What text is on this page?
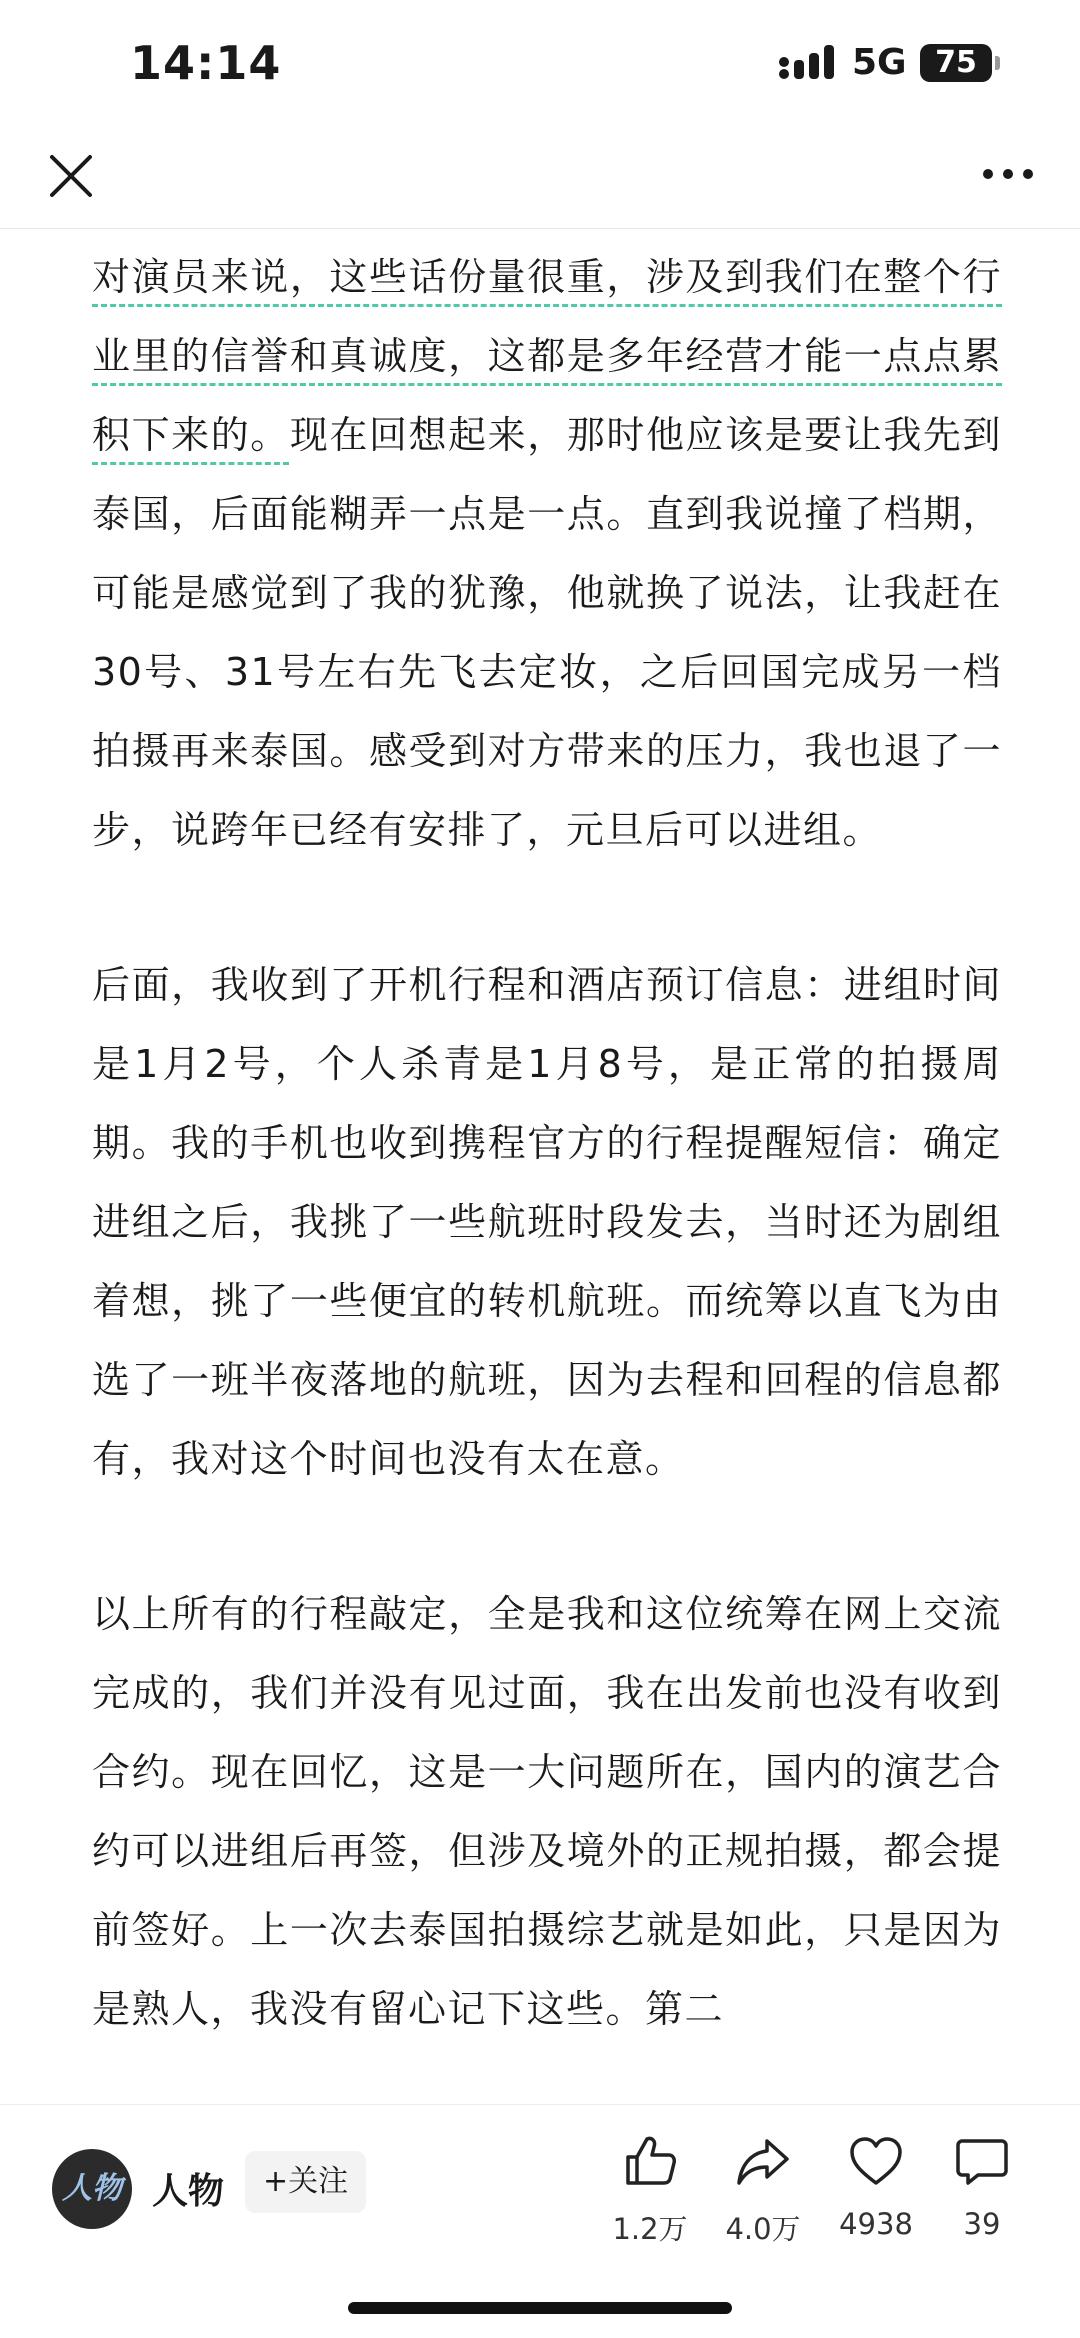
14:14	5G 75

对演员来说，这些话份量很重，涉及到我们在整个行业里的信誉和真诚度，这都是多年经营才能一点点累积下来的。现在回想起来，那时他应该是要让我先到泰国，后面能糊弄一点是一点。直到我说撞了档期，可能是感觉到了我的犹豫，他就换了说法，让我赶在30号、31号左右先飞去定妆，之后回国完成另一档拍摄再来泰国。感受到对方带来的压力，我也退了一步，说跨年已经有安排了，元旦后可以进组。

后面，我收到了开机行程和酒店预订信息：进组时间是1月2号，个人杀青是1月8号，是正常的拍摄周期。我的手机也收到携程官方的行程提醒短信：确定进组之后，我挑了一些航班时段发去，当时还为剧组着想，挑了一些便宜的转机航班。而统筹以直飞为由选了一班半夜落地的航班，因为去程和回程的信息都有，我对这个时间也没有太在意。

以上所有的行程敲定，全是我和这位统筹在网上交流完成的，我们并没有见过面，我在出发前也没有收到合约。现在回忆，这是一大问题所在，国内的演艺合约可以进组后再签，但涉及境外的正规拍摄，都会提前签好。上一次去泰国拍摄综艺就是如此，只是因为是熟人，我没有留心记下这些。第二

人物 人物	+关注
1.2万	4.0万	4938	39
